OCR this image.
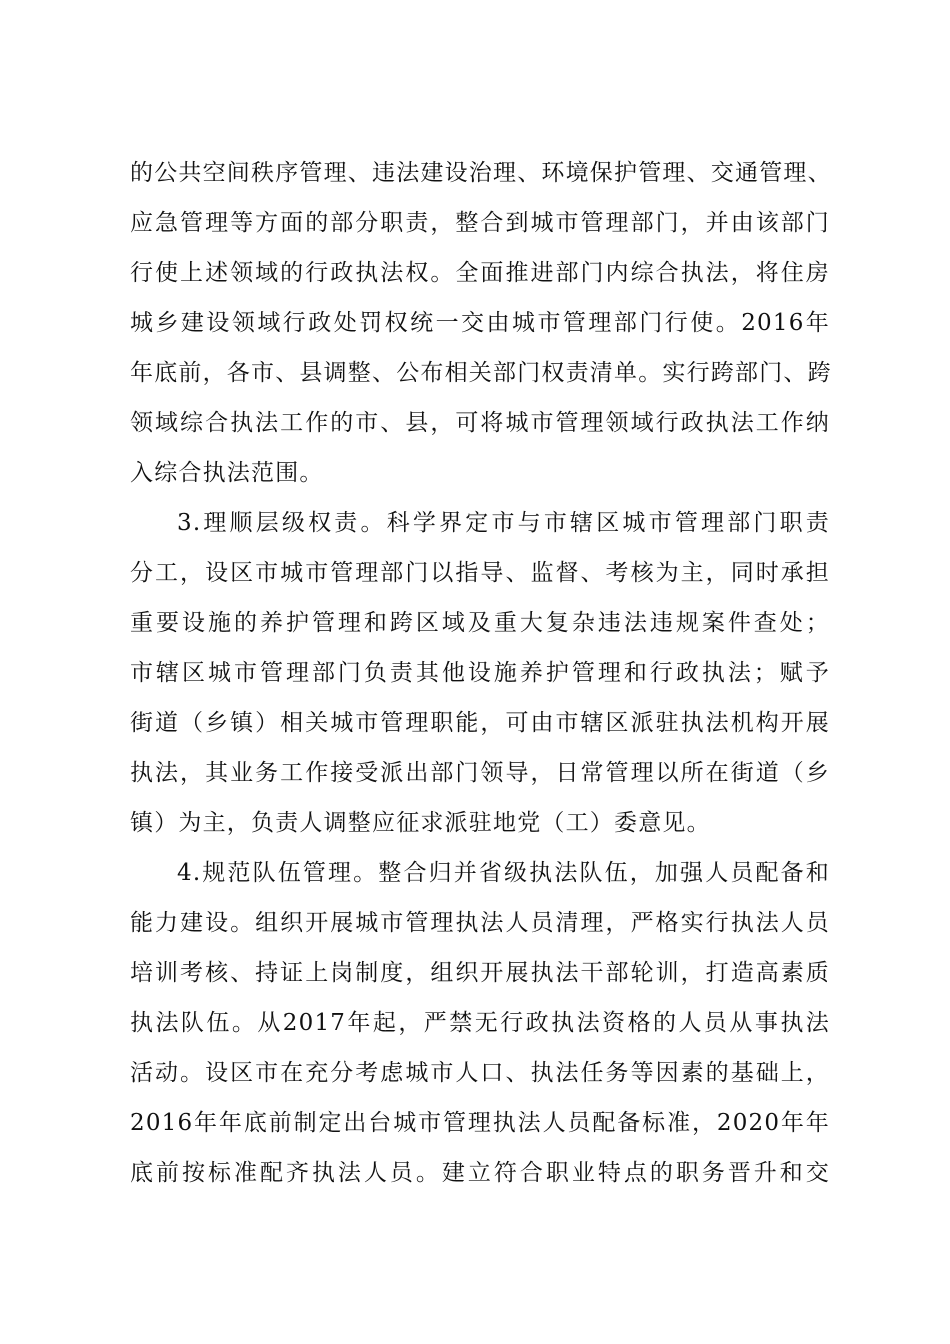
的公共空间秩序管理、违法建设治理、环境保护管理、交通管理、
应急管理等方面的部分职责，整合到城市管理部门，并由该部门
行使上述领域的行政执法权。全面推进部门内综合执法，将住房
城乡建设领域行政处罚权统一交由城市管理部门行使。2016年
年底前，各市、县调整、公布相关部门权责清单。实行跨部门、跨
领域综合执法工作的市、县，可将城市管理领域行政执法工作纳
入综合执法范围。
3.理顺层级权责。科学界定市与市辖区城市管理部门职责
分工，设区市城市管理部门以指导、监督、考核为主，同时承担
重要设施的养护管理和跨区域及重大复杂违法违规案件查处；
市辖区城市管理部门负责其他设施养护管理和行政执法；赋予
街道（乡镇）相关城市管理职能，可由市辖区派驻执法机构开展
执法，其业务工作接受派出部门领导，日常管理以所在街道（乡
镇）为主，负责人调整应征求派驻地党（工）委意见。
4.规范队伍管理。整合归并省级执法队伍，加强人员配备和
能力建设。组织开展城市管理执法人员清理，严格实行执法人员
培训考核、持证上岗制度，组织开展执法干部轮训，打造高素质
执法队伍。从2017年起，严禁无行政执法资格的人员从事执法
活动。设区市在充分考虑城市人口、执法任务等因素的基础上，
2016年年底前制定出台城市管理执法人员配备标准，2020年年
底前按标准配齐执法人员。建立符合职业特点的职务晋升和交
